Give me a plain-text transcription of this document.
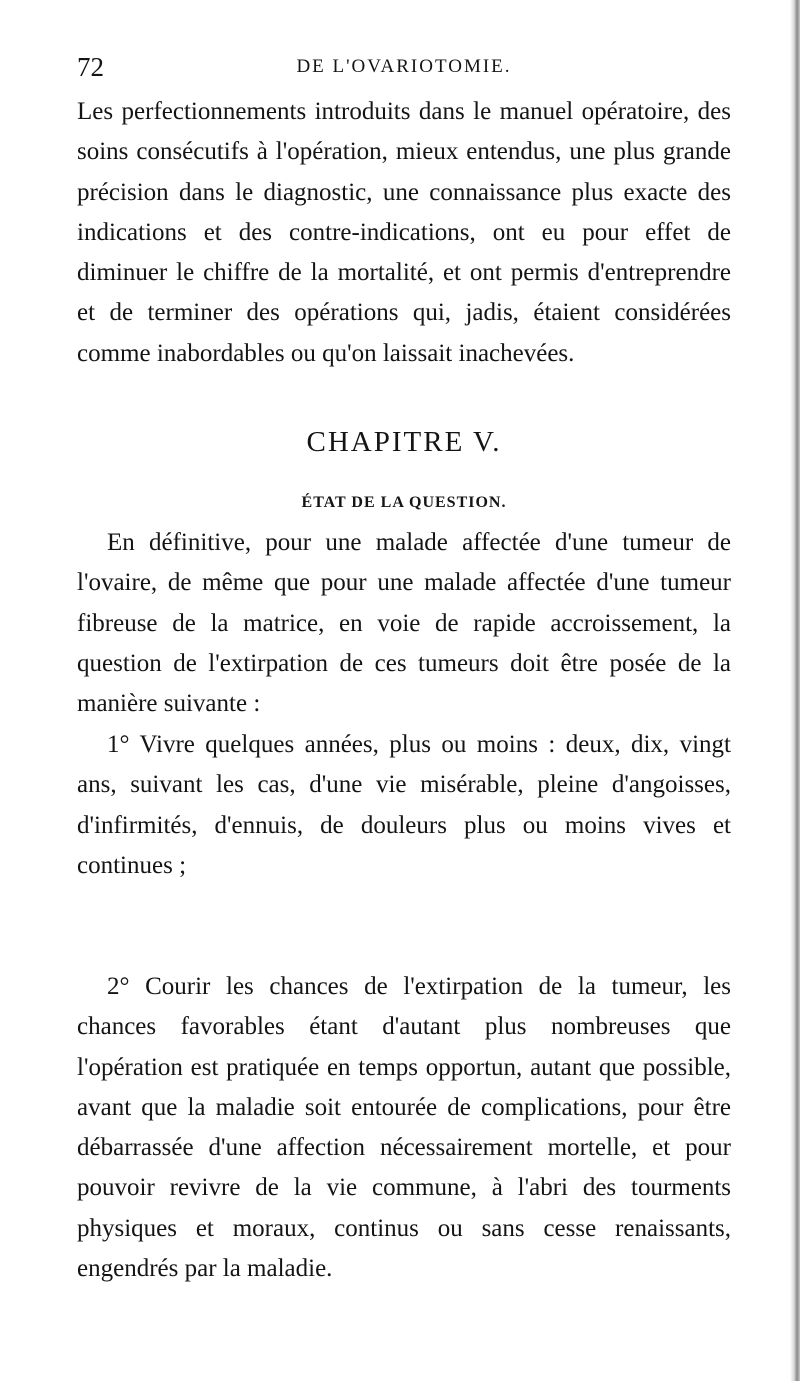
72	DE L'OVARIOTOMIE.

Les perfectionnements introduits dans le manuel opératoire, des soins consécutifs à l'opération, mieux entendus, une plus grande précision dans le diagnostic, une connaissance plus exacte des indications et des contre-indications, ont eu pour effet de diminuer le chiffre de la mortalité, et ont permis d'entreprendre et de terminer des opérations qui, jadis, étaient considérées comme inabordables ou qu'on laissait inachevées.

CHAPITRE V.
ÉTAT DE LA QUESTION.

En définitive, pour une malade affectée d'une tumeur de l'ovaire, de même que pour une malade affectée d'une tumeur fibreuse de la matrice, en voie de rapide accroissement, la question de l'extirpation de ces tumeurs doit être posée de la manière suivante :

1° Vivre quelques années, plus ou moins : deux, dix, vingt ans, suivant les cas, d'une vie misérable, pleine d'angoisses, d'infirmités, d'ennuis, de douleurs plus ou moins vives et continues ;

2° Courir les chances de l'extirpation de la tumeur, les chances favorables étant d'autant plus nombreuses que l'opération est pratiquée en temps opportun, autant que possible, avant que la maladie soit entourée de complications, pour être débarrassée d'une affection nécessairement mortelle, et pour pouvoir revivre de la vie commune, à l'abri des tourments physiques et moraux, continus ou sans cesse renaissants, engendrés par la maladie.
